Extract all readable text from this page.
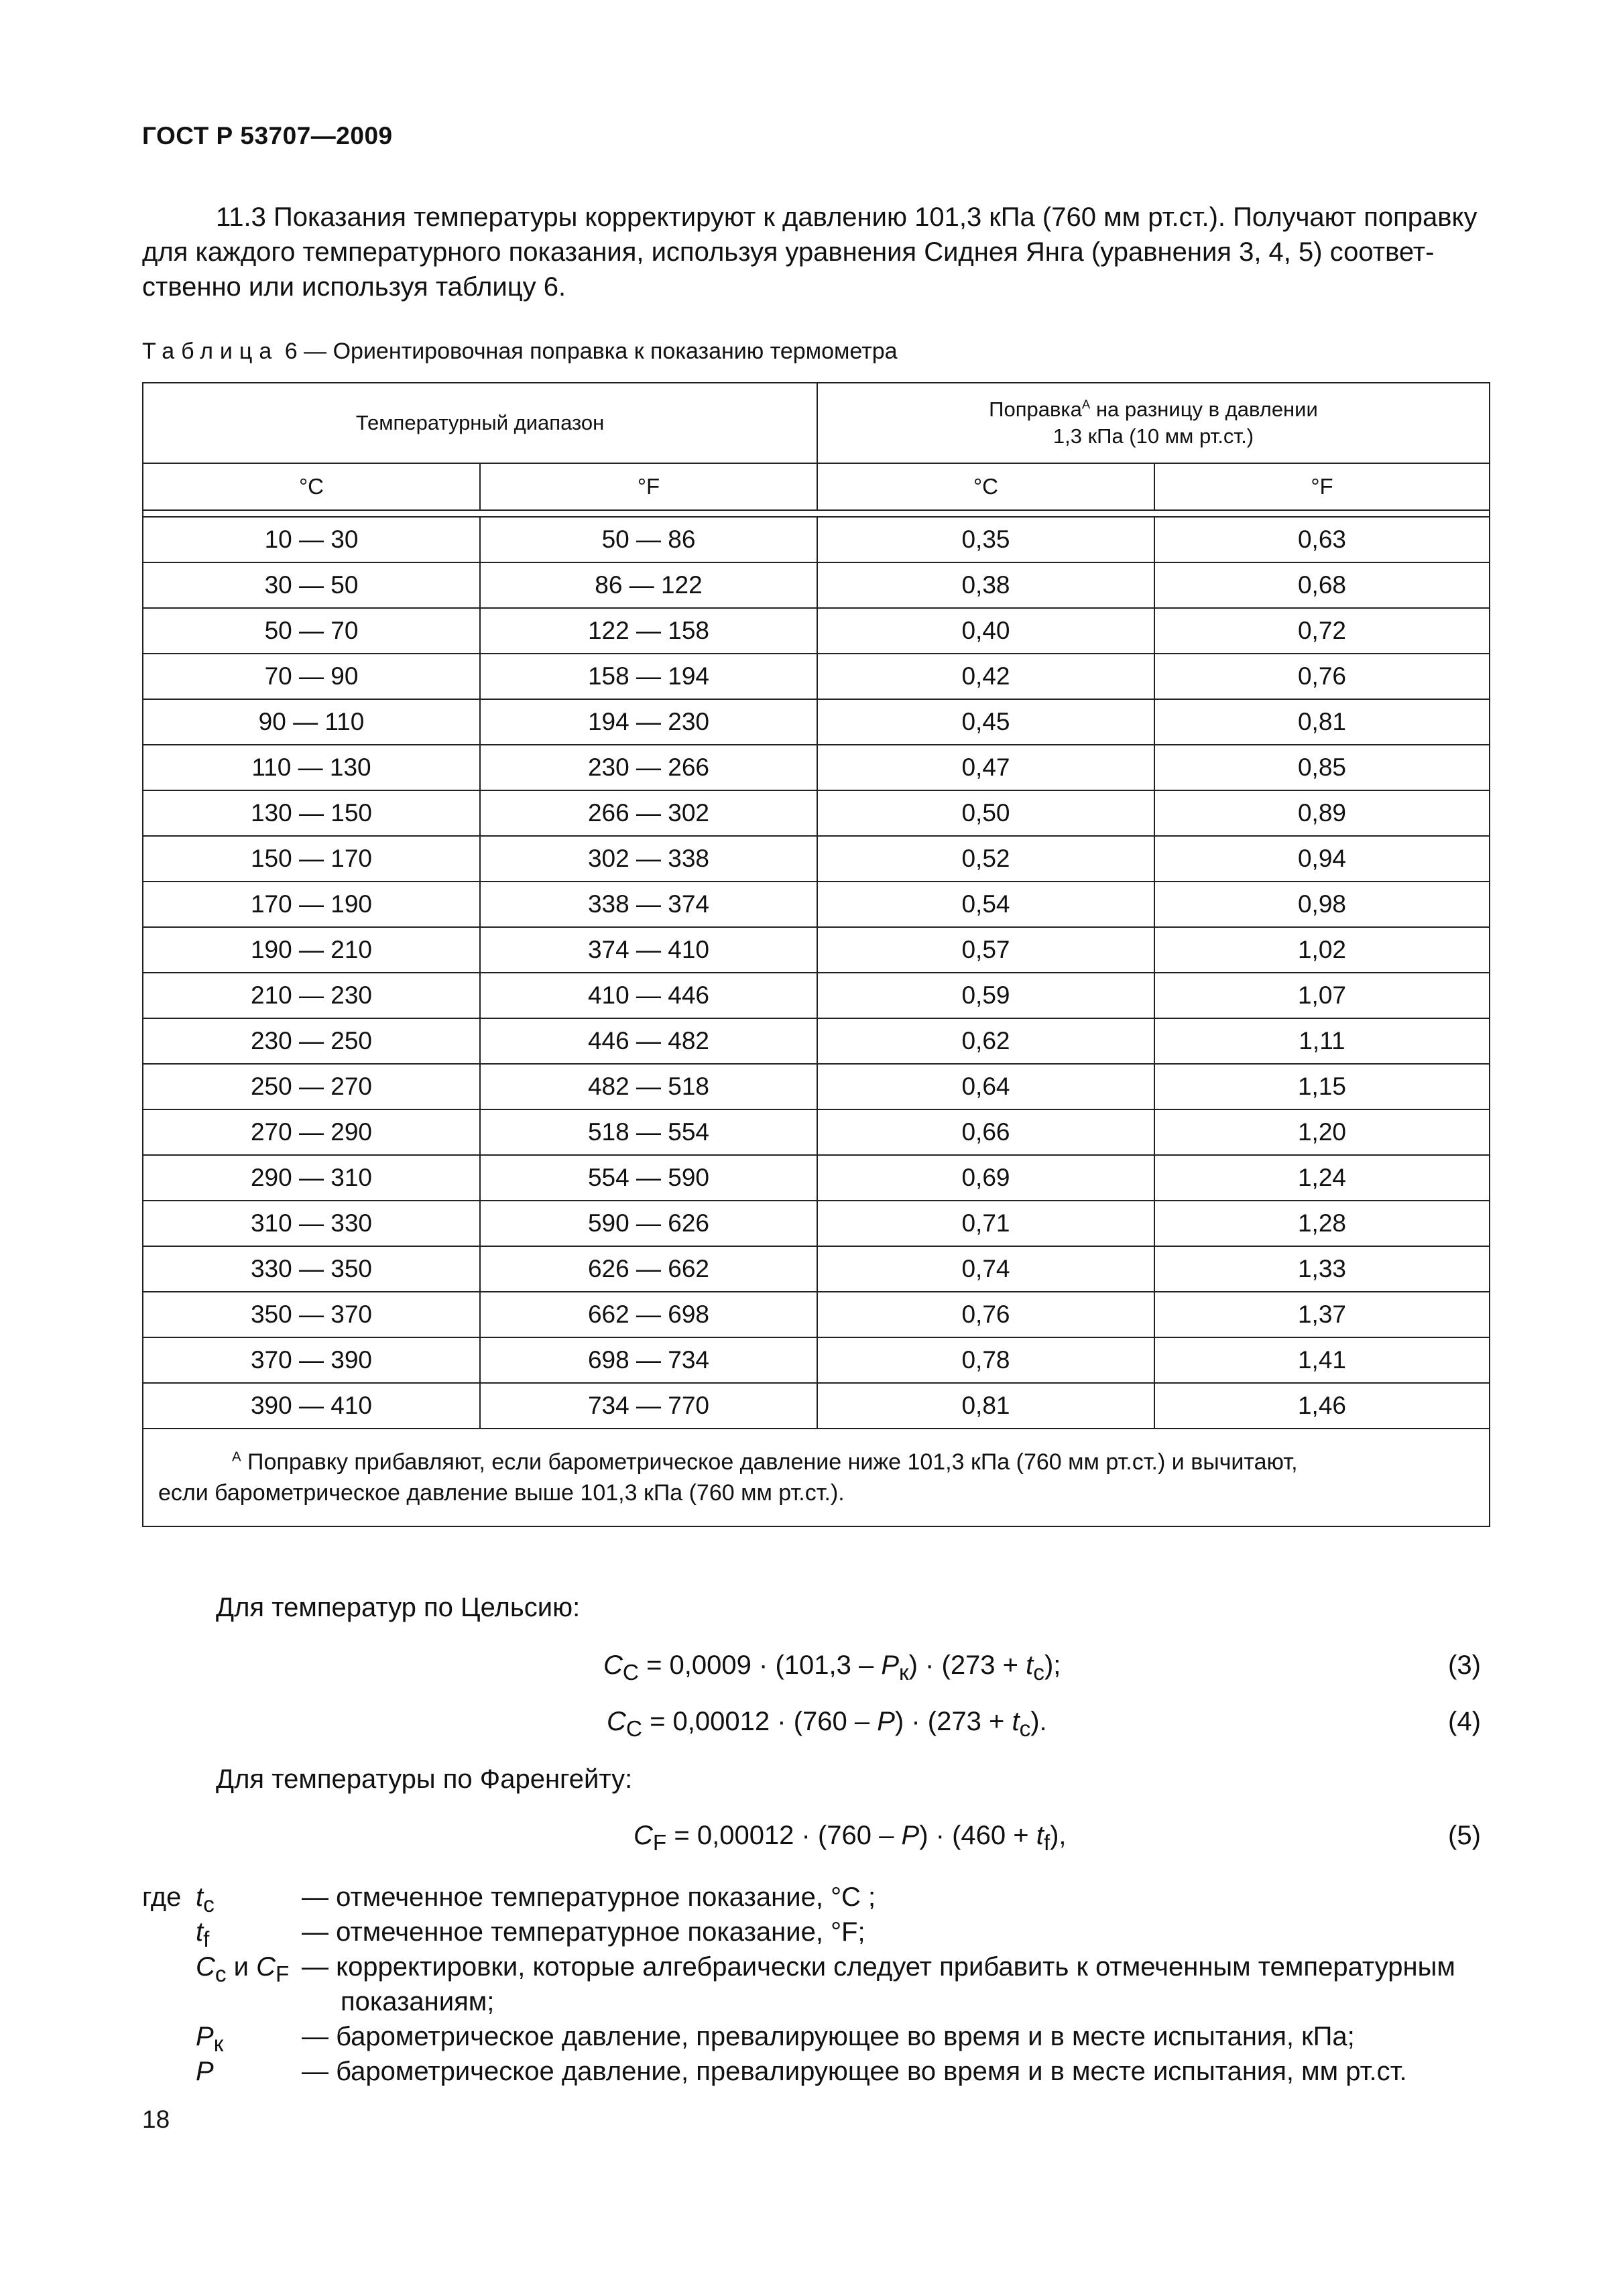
ГОСТ Р 53707—2009
11.3 Показания температуры корректируют к давлению 101,3 кПа (760 мм рт.ст.). Получают поправку
для каждого температурного показания, используя уравнения Сиднея Янга (уравнения 3, 4, 5) соответ-
ственно или используя таблицу 6.
Таблица 6 — Ориентировочная поправка к показанию термометра
Температурный диапазон		Поправка$^А$ на разницу в давлении
1,3 кПа (10 мм рт.ст.)	
°C	°F	°C	°F

10 — 30	50 — 86	0,35	0,63
30 — 50	86 — 122	0,38	0,68
50 — 70	122 — 158	0,40	0,72
70 — 90	158 — 194	0,42	0,76
90 — 110	194 — 230	0,45	0,81
110 — 130	230 — 266	0,47	0,85
130 — 150	266 — 302	0,50	0,89
150 — 170	302 — 338	0,52	0,94
170 — 190	338 — 374	0,54	0,98
190 — 210	374 — 410	0,57	1,02
210 — 230	410 — 446	0,59	1,07
230 — 250	446 — 482	0,62	1,11
250 — 270	482 — 518	0,64	1,15
270 — 290	518 — 554	0,66	1,20
290 — 310	554 — 590	0,69	1,24
310 — 330	590 — 626	0,71	1,28
330 — 350	626 — 662	0,74	1,33
350 — 370	662 — 698	0,76	1,37
370 — 390	698 — 734	0,78	1,41
390 — 410	734 — 770	0,81	1,46

$^А$ Поправку прибавляют, если барометрическое давление ниже 101,3 кПа (760 мм рт.ст.) и вычитают,
если барометрическое давление выше 101,3 кПа (760 мм рт.ст.).			
Для температур по Цельсию:
$C_C = 0,0009 \cdot (101,3 - P_к) \cdot (273 + t_c)$;	(3)
$C_C = 0,00012 \cdot (760 - P) \cdot (273 + t_c)$.	(4)
Для температуры по Фаренгейту:
$C_F = 0,00012 \cdot (760 - P) \cdot (460 + t_f)$,	(5)
где $t_c$	— отмеченное температурное показание, °C ;
$t_f$	— отмеченное температурное показание, °F;
$C_c$ и $C_F$ — корректировки, которые алгебраически следует прибавить к отмеченным температурным
показаниям;
$P_к$	— барометрическое давление, превалирующее во время и в месте испытания, кПа;
P	— барометрическое давление, превалирующее во время и в месте испытания, мм рт.ст.
18
